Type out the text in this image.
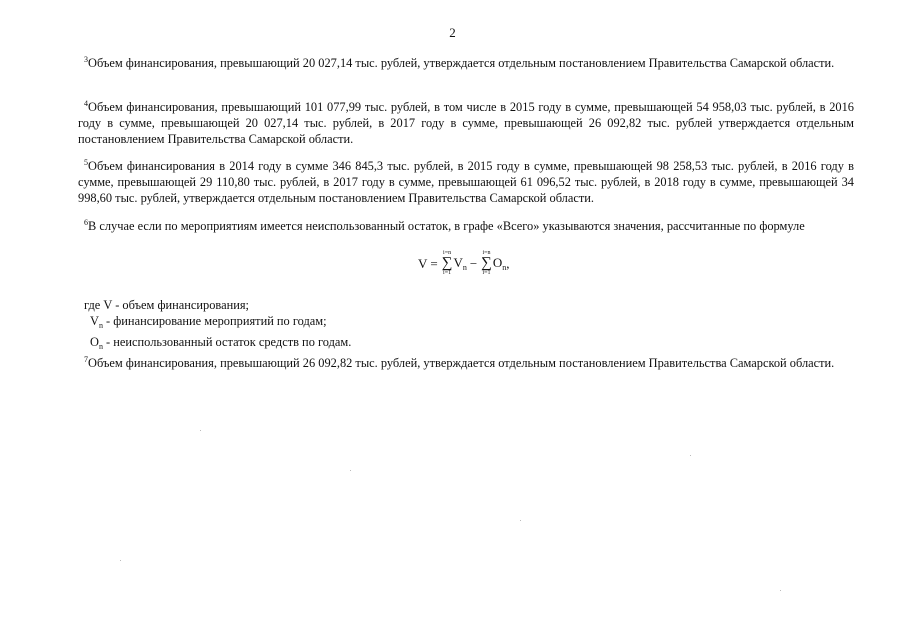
2

$^3$Объем финансирования, превышающий 20 027,14 тыс. рублей, утверждается отдельным постановлением Правительства Самарской области.

$^4$Объем финансирования, превышающий 101 077,99 тыс. рублей, в том числе в 2015 году в сумме, превышающей 54 958,03 тыс. рублей, в 2016 году в сумме, превышающей 20 027,14 тыс. рублей, в 2017 году в сумме, превышающей 26 092,82 тыс. рублей утверждается отдельным постановлением Правительства Самарской области.

$^5$Объем финансирования в 2014 году в сумме 346 845,3 тыс. рублей, в 2015 году в сумме, превышающей 98 258,53 тыс. рублей, в 2016 году в сумме, превышающей 29 110,80 тыс. рублей, в 2017 году в сумме, превышающей 61 096,52 тыс. рублей, в 2018 году в сумме, превышающей 34 998,60 тыс. рублей, утверждается отдельным постановлением Правительства Самарской области.

$^6$В случае если по мероприятиям имеется неиспользованный остаток, в графе «Всего» указываются значения, рассчитанные по формуле

V =
i=n
∑
i=1
$V_n$ −
i=n
∑
i=1
$O_n$ ,
где V - объем финансирования;
$V_n$ - финансирование мероприятий по годам;
$O_n$ - неиспользованный остаток средств по годам.

$^7$Объем финансирования, превышающий 26 092,82 тыс. рублей, утверждается отдельным постановлением Правительства Самарской области.
